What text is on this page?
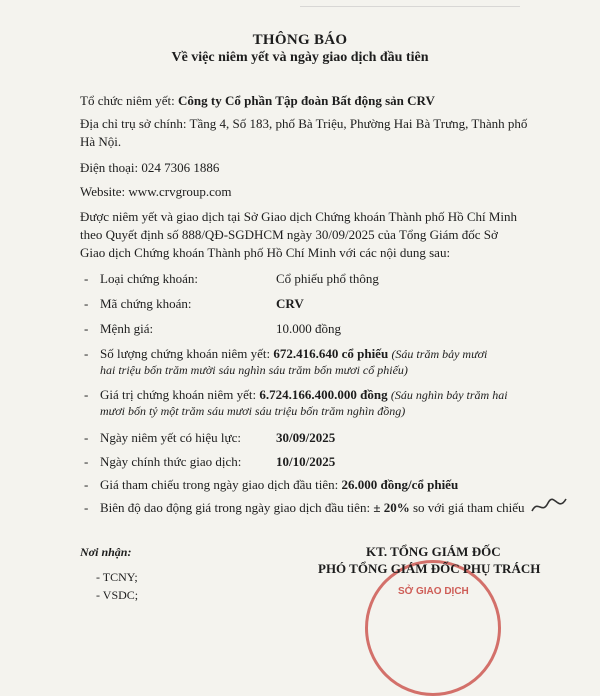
THÔNG BÁO
Về việc niêm yết và ngày giao dịch đầu tiên
Tổ chức niêm yết: Công ty Cổ phần Tập đoàn Bất động sản CRV
Địa chỉ trụ sở chính: Tầng 4, Số 183, phố Bà Triệu, Phường Hai Bà Trưng, Thành phố
Hà Nội.
Điện thoại: 024 7306 1886
Website: www.crvgroup.com
Được niêm yết và giao dịch tại Sở Giao dịch Chứng khoán Thành phố Hồ Chí Minh
theo Quyết định số 888/QĐ-SGDHCM ngày 30/09/2025 của Tổng Giám đốc Sở
Giao dịch Chứng khoán Thành phố Hồ Chí Minh với các nội dung sau:
- Loại chứng khoán:	Cổ phiếu phổ thông
- Mã chứng khoán:	CRV
- Mệnh giá:	10.000 đồng
- Số lượng chứng khoán niêm yết: 672.416.640 cổ phiếu (Sáu trăm bảy mươi
hai triệu bốn trăm mười sáu nghìn sáu trăm bốn mươi cổ phiếu)
- Giá trị chứng khoán niêm yết: 6.724.166.400.000 đồng (Sáu nghìn bảy trăm hai
mươi bốn tỷ một trăm sáu mươi sáu triệu bốn trăm nghìn đồng)
- Ngày niêm yết có hiệu lực:	30/09/2025
- Ngày chính thức giao dịch:	10/10/2025
- Giá tham chiếu trong ngày giao dịch đầu tiên: 26.000 đồng/cổ phiếu
- Biên độ dao động giá trong ngày giao dịch đầu tiên: ± 20% so với giá tham chiếu
Nơi nhận:
- TCNY;
- VSDC;	SỞ GIAO DỊCH
KT. TỔNG GIÁM ĐỐC
PHÓ TỔNG GIÁM ĐỐC PHỤ TRÁCH
